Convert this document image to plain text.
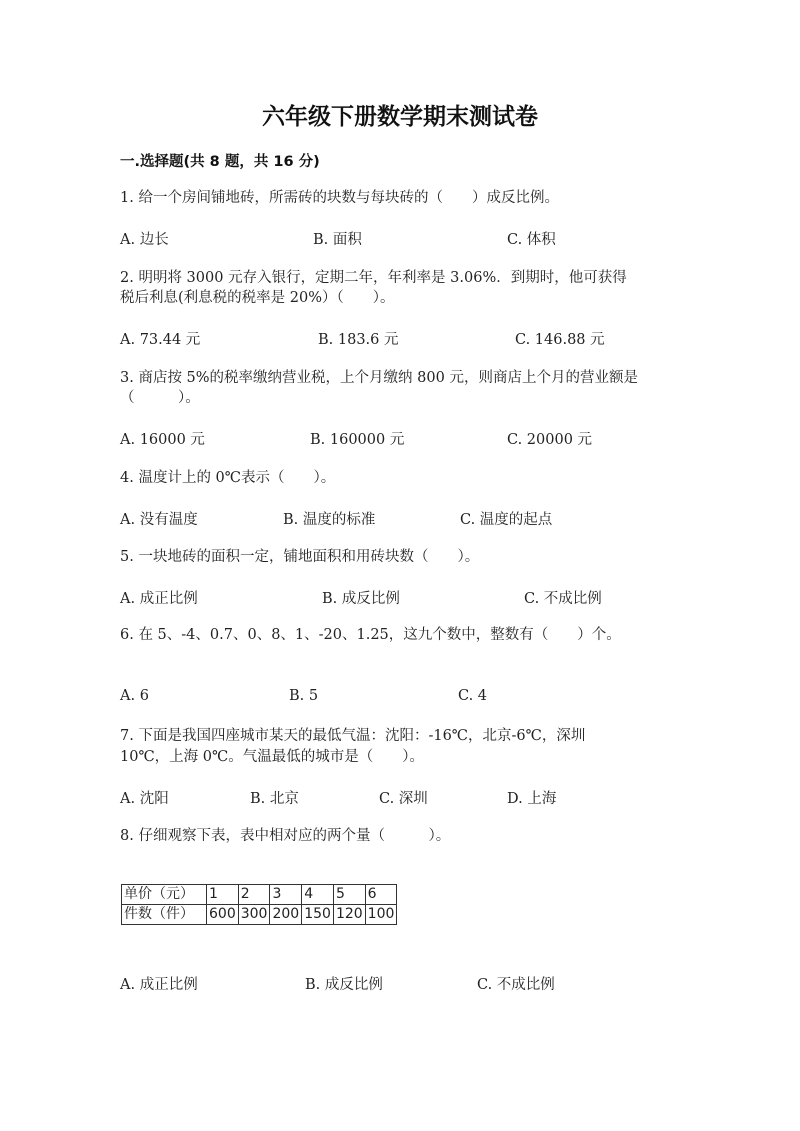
六年级下册数学期末测试卷
一.选择题(共 8 题，共 16 分)
1. 给一个房间铺地砖，所需砖的块数与每块砖的（　　）成反比例。
A. 边长	B. 面积	C. 体积
2. 明明将 3000 元存入银行，定期二年，年利率是 3.06%．到期时，他可获得
税后利息(利息税的税率是 20%）（　　）。
A. 73.44 元	B. 183.6 元	C. 146.88 元
3. 商店按 5%的税率缴纳营业税，上个月缴纳 800 元，则商店上个月的营业额是
（　　　）。
A. 16000 元	B. 160000 元	C. 20000 元
4. 温度计上的 0℃表示（　　）。
A. 没有温度	B. 温度的标准	C. 温度的起点
5. 一块地砖的面积一定，铺地面积和用砖块数（　　）。
A. 成正比例	B. 成反比例	C. 不成比例
6. 在 5、-4、0.7、0、8、1、-20、1.25，这九个数中，整数有（　　）个。
A. 6	B. 5	C. 4
7. 下面是我国四座城市某天的最低气温：沈阳：-16℃，北京-6℃，深圳
10℃，上海 0℃。气温最低的城市是（　　）。
A. 沈阳	B. 北京	C. 深圳	D. 上海
8. 仔细观察下表，表中相对应的两个量（　　　）。
单价（元）	1	2	3	4	5	6
件数（件）	600	300	200	150	120	100
A. 成正比例	B. 成反比例	C. 不成比例
